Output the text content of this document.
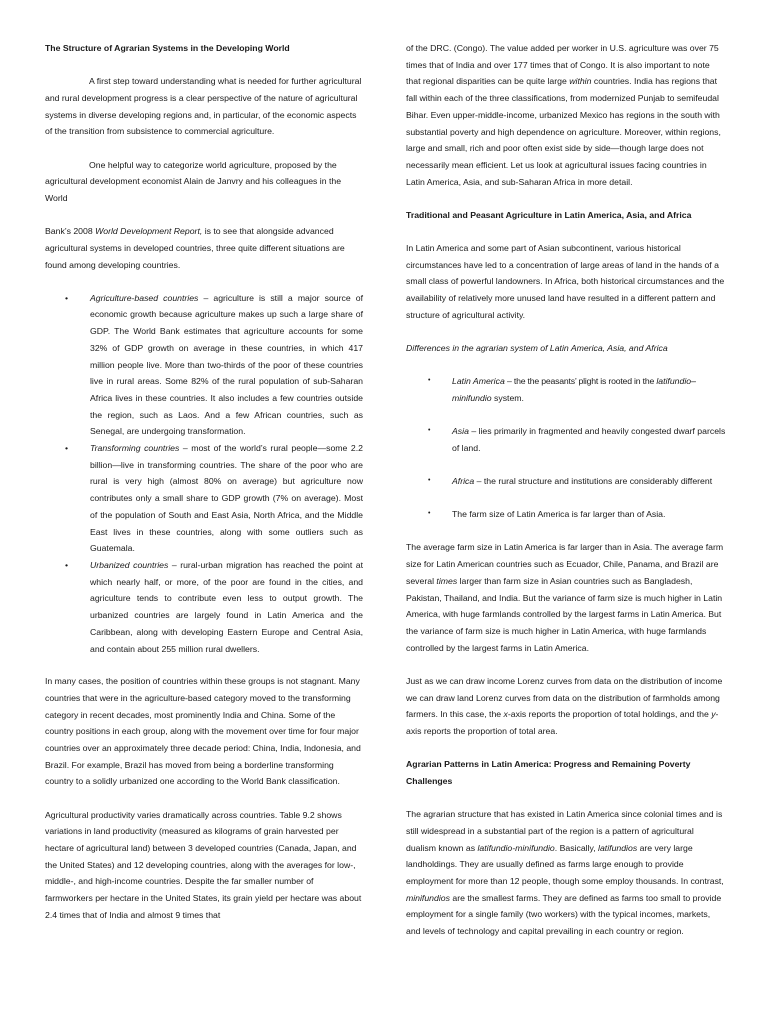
The Structure of Agrarian Systems in the Developing World

A first step toward understanding what is needed for further agricultural and rural development progress is a clear perspective of the nature of agricultural systems in diverse developing regions and, in particular, of the economic aspects of the transition from subsistence to commercial agriculture.

One helpful way to categorize world agriculture, proposed by the agricultural development economist Alain de Janvry and his colleagues in the World

Bank’s 2008 World Development Report, is to see that alongside advanced agricultural systems in developed countries, three quite different situations are found among developing countries.

•	Agriculture-based countries – agriculture is still a major source of economic growth because agriculture makes up such a large share of GDP. The World Bank estimates that agriculture accounts for some 32% of GDP growth on average in these countries, in which 417 million people live. More than two-thirds of the poor of these countries live in rural areas. Some 82% of the rural population of sub-Saharan Africa lives in these countries. It also includes a few countries outside the region, such as Laos. And a few African countries, such as Senegal, are undergoing transformation.
•	Transforming countries – most of the world’s rural people—some 2.2 billion—live in transforming countries. The share of the poor who are rural is very high (almost 80% on average) but agriculture now contributes only a small share to GDP growth (7% on average). Most of the population of South and East Asia, North Africa, and the Middle East lives in these countries, along with some outliers such as Guatemala.
•	Urbanized countries – rural-urban migration has reached the point at which nearly half, or more, of the poor are found in the cities, and agriculture tends to contribute even less to output growth. The urbanized countries are largely found in Latin America and the Caribbean, along with developing Eastern Europe and Central Asia, and contain about 255 million rural dwellers.

In many cases, the position of countries within these groups is not stagnant. Many countries that were in the agriculture-based category moved to the transforming category in recent decades, most prominently India and China. Some of the country positions in each group, along with the movement over time for four major countries over an approximately three decade period: China, India, Indonesia, and Brazil. For example, Brazil has moved from being a borderline transforming country to a solidly urbanized one according to the World Bank classification.

Agricultural productivity varies dramatically across countries. Table 9.2 shows variations in land productivity (measured as kilograms of grain harvested per hectare of agricultural land) between 3 developed countries (Canada, Japan, and the United States) and 12 developing countries, along with the averages for low-, middle-, and high-income countries. Despite the far smaller number of farmworkers per hectare in the United States, its grain yield per hectare was about 2.4 times that of India and almost 9 times that

of the DRC. (Congo). The value added per worker in U.S. agriculture was over 75 times that of India and over 177 times that of Congo. It is also important to note that regional disparities can be quite large within countries. India has regions that fall within each of the three classifications, from modernized Punjab to semifeudal Bihar. Even upper-middle-income, urbanized Mexico has regions in the south with substantial poverty and high dependence on agriculture. Moreover, within regions, large and small, rich and poor often exist side by side—though large does not necessarily mean efficient. Let us look at agricultural issues facing countries in Latin America, Asia, and sub-Saharan Africa in more detail.

Traditional and Peasant Agriculture in Latin America, Asia, and Africa

In Latin America and some part of Asian subcontinent, various historical circumstances have led to a concentration of large areas of land in the hands of a small class of powerful landowners. In Africa, both historical circumstances and the availability of relatively more unused land have resulted in a different pattern and structure of agricultural activity.

Differences in the agrarian system of Latin America, Asia, and Africa

• Latin America – the the peasants’ plight is rooted in the latifundio–minifundio system.
• Asia – lies primarily in fragmented and heavily congested dwarf parcels of land.
• Africa – the rural structure and institutions are considerably different
• The farm size of Latin America is far larger than of Asia.

The average farm size in Latin America is far larger than in Asia. The average farm size for Latin American countries such as Ecuador, Chile, Panama, and Brazil are several times larger than farm size in Asian countries such as Bangladesh, Pakistan, Thailand, and India. But the variance of farm size is much higher in Latin America, with huge farmlands controlled by the largest farms in Latin America. But the variance of farm size is much higher in Latin America, with huge farmlands controlled by the largest farms in Latin America.

Just as we can draw income Lorenz curves from data on the distribution of income we can draw land Lorenz curves from data on the distribution of farmholds among farmers. In this case, the x-axis reports the proportion of total holdings, and the y-axis reports the proportion of total area.

Agrarian Patterns in Latin America: Progress and Remaining Poverty Challenges

The agrarian structure that has existed in Latin America since colonial times and is still widespread in a substantial part of the region is a pattern of agricultural dualism known as latifundio-minifundio. Basically, latifundios are very large landholdings. They are usually defined as farms large enough to provide employment for more than 12 people, though some employ thousands. In contrast, minifundios are the smallest farms. They are defined as farms too small to provide employment for a single family (two workers) with the typical incomes, markets, and levels of technology and capital prevailing in each country or region.
